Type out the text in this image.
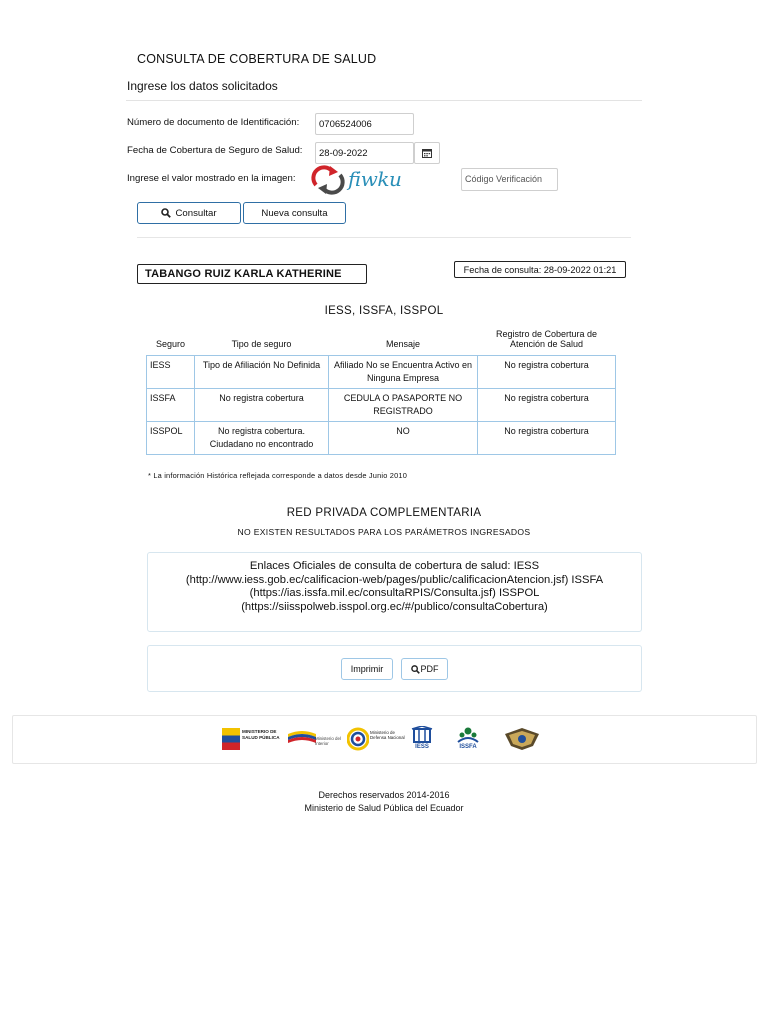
CONSULTA DE COBERTURA DE SALUD
Ingrese los datos solicitados
Número de documento de Identificación:	0706524006
Fecha de Cobertura de Seguro de Salud:	28-09-2022
Ingrese el valor mostrado en la imagen:	fiwku	Código Verificación
Consultar	Nueva consulta
TABANGO RUIZ KARLA KATHERINE	Fecha de consulta: 28-09-2022 01:21
IESS, ISSFA, ISSPOL
Seguro	Tipo de seguro	Mensaje	Registro de Cobertura de Atención de Salud
IESS	Tipo de Afiliación No Definida	Afiliado No se Encuentra Activo en Ninguna Empresa	No registra cobertura
ISSFA	No registra cobertura	CEDULA O PASAPORTE NO REGISTRADO	No registra cobertura
ISSPOL	No registra cobertura. Ciudadano no encontrado	NO	No registra cobertura
* La información Histórica reflejada corresponde a datos desde Junio 2010
RED PRIVADA COMPLEMENTARIA
NO EXISTEN RESULTADOS PARA LOS PARÁMETROS INGRESADOS
Enlaces Oficiales de consulta de cobertura de salud: IESS
(http://www.iess.gob.ec/calificacion-web/pages/public/calificacionAtencion.jsf) ISSFA
(https://ias.issfa.mil.ec/consultaRPIS/Consulta.jsf) ISSPOL
(https://siisspolweb.isspol.org.ec/#/publico/consultaCobertura)
Imprimir	PDF
MINISTERIO DE SALUD PÚBLICA	Ministerio del Interior
Ministerio de Defensa Nacional
IESS	ISSFA
Derechos reservados 2014-2016
Ministerio de Salud Pública del Ecuador
